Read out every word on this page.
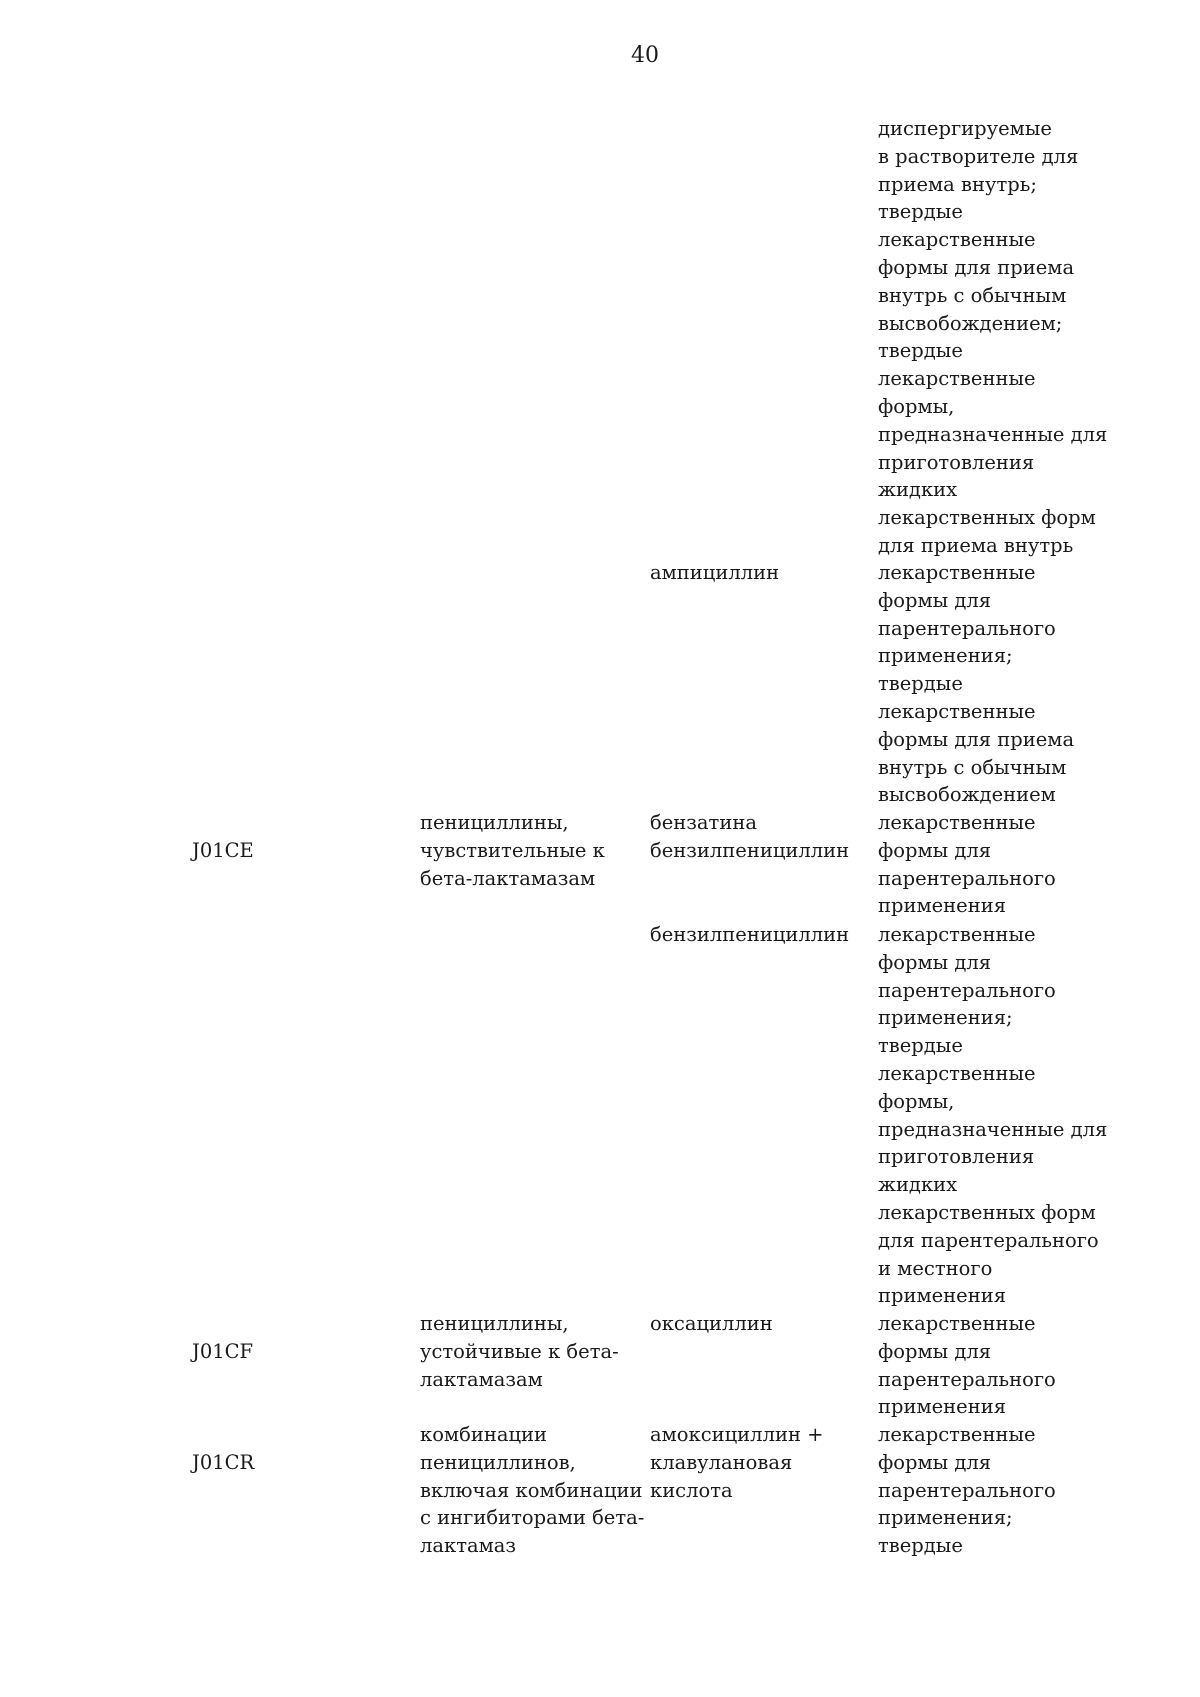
40
диспергируемые
в растворителе для
приема внутрь;
твердые
лекарственные
формы для приема
внутрь с обычным
высвобождением;
твердые
лекарственные
формы,
предназначенные для
приготовления
жидких
лекарственных форм
для приема внутрь
ампициллин	лекарственные
формы для
парентерального
применения;
твердые
лекарственные
формы для приема
внутрь с обычным
высвобождением
J01CE
пенициллины,
чувствительные к
бета-лактамазам
бензатина
бензилпенициллин
лекарственные
формы для
парентерального
применения
бензилпенициллин лекарственные
формы для
парентерального
применения;
твердые
лекарственные
формы,
предназначенные для
приготовления
жидких
лекарственных форм
для парентерального
и местного
применения
J01CF
пенициллины,
устойчивые к бета-
лактамазам
оксациллин	лекарственные
формы для
парентерального
применения
J01CR
комбинации
пенициллинов,
включая комбинации
с ингибиторами бета-
лактамаз
амоксициллин +
клавулановая
кислота
лекарственные
формы для
парентерального
применения;
твердые
